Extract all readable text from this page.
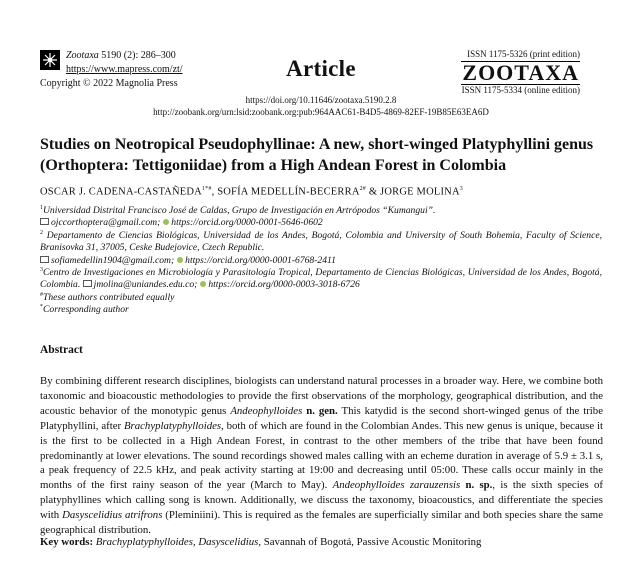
Zootaxa 5190 (2): 286–300
https://www.mapress.com/zt/
Copyright © 2022 Magnolia Press
Article
ISSN 1175-5326 (print edition)
ZOOTAXA
ISSN 1175-5334 (online edition)
https://doi.org/10.11646/zootaxa.5190.2.8
http://zoobank.org/urn:lsid:zoobank.org:pub:964AAC61-B4D5-4869-82EF-19B85E63EA6D
Studies on Neotropical Pseudophyllinae: A new, short-winged Platyphyllini genus
(Orthoptera: Tettigoniidae) from a High Andean Forest in Colombia
OSCAR J. CADENA-$CASTAÑEDA^{1*\#}$, SOFÍA MEDELLÍN-$BECERRA^{2\#}$ & JORGE MOLINA$^3$
$^1$Universidad Distrital Francisco José de Caldas, Grupo de Investigación en Artrópodos “Kumangui”.
ojccorthoptera@gmail.com; https://orcid.org/0000-0001-5646-0602
$^2$ Departamento de Ciencias Biológicas, Universidad de los Andes, Bogotá, Colombia and University of South Bohemia, Faculty of Science, Branisovka 31, 37005, Ceske Budejovice, Czech Republic.
sofiamedellin1904@gmail.com; https://orcid.org/0000-0001-6768-2411
$^3$Centro de Investigaciones en Microbiología y Parasitología Tropical, Departamento de Ciencias Biológicas, Universidad de los Andes, Bogotá, Colombia. jmolina@uniandes.edu.co; https://orcid.org/0000-0003-3018-6726
#These authors contributed equally
*Corresponding author
Abstract
By combining different research disciplines, biologists can understand natural processes in a broader way. Here, we combine both taxonomic and bioacoustic methodologies to provide the first observations of the morphology, geographical distribution, and the acoustic behavior of the monotypic genus Andeophylloides n. gen. This katydid is the second short-winged genus of the tribe Platyphyllini, after Brachyplatyphylloides, both of which are found in the Colombian Andes. This new genus is unique, because it is the first to be collected in a High Andean Forest, in contrast to the other members of the tribe that have been found predominantly at lower elevations. The sound recordings showed males calling with an echeme duration in average of 5.9 ± 3.1 s, a peak frequency of 22.5 kHz, and peak activity starting at 19:00 and decreasing until 05:00. These calls occur mainly in the months of the first rainy season of the year (March to May). Andeophylloides zarauzensis n. sp., is the sixth species of platyphyllines which calling song is known. Additionally, we discuss the taxonomy, bioacoustics, and differentiate the species with Dasyscelidius atrifrons (Pleminiini). This is required as the females are superficially similar and both species share the same geographical distribution.
Key words: Brachyplatyphylloides, Dasyscelidius, Savannah of Bogotá, Passive Acoustic Monitoring
